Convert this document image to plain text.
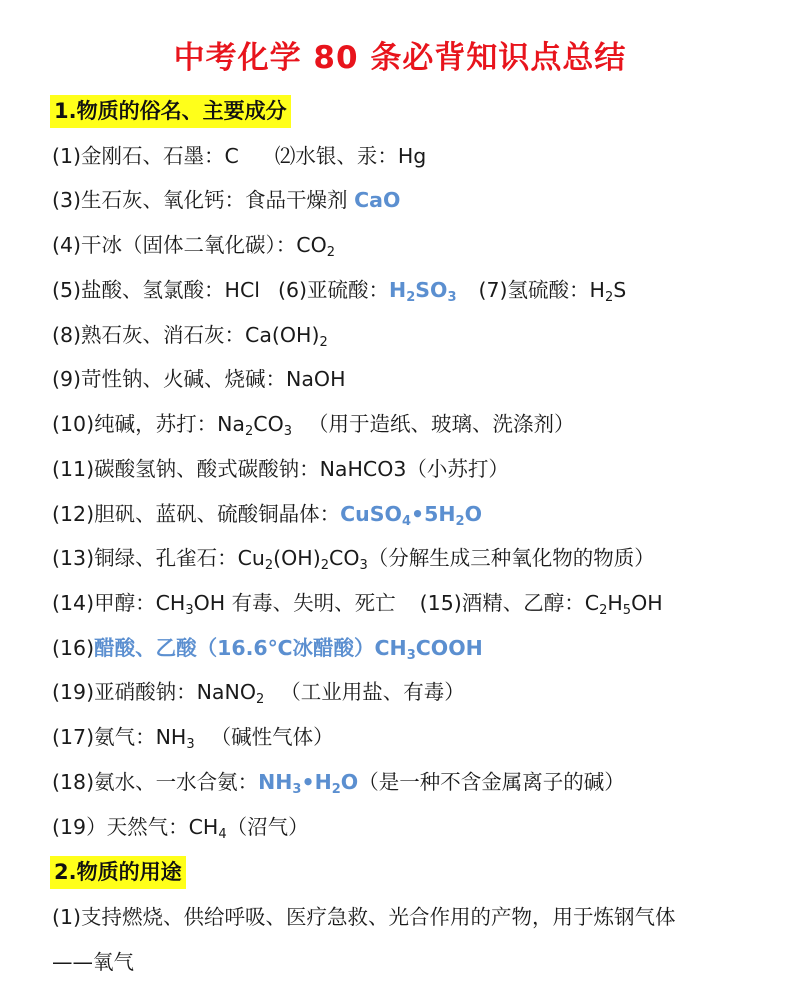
中考化学 80 条必背知识点总结
1.物质的俗名、主要成分
(1)金刚石、石墨：C ⑵水银、汞：Hg
(3)生石灰、氧化钙：食品干燥剂 CaO
(4)干冰（固体二氧化碳）：$CO_2$
(5)盐酸、氢氯酸：HCl (6)亚硫酸：$H_2SO_3$ (7)氢硫酸：$H_2S$
(8)熟石灰、消石灰：$Ca(OH)_2$
(9)苛性钠、火碱、烧碱：NaOH
(10)纯碱，苏打：$Na_2CO_3$ （用于造纸、玻璃、洗涤剂）
(11)碳酸氢钠、酸式碳酸钠：NaHCO3（小苏打）
(12)胆矾、蓝矾、硫酸铜晶体：$CuSO_4•5H_2O$
(13)铜绿、孔雀石：$Cu_2(OH)_2CO_3$（分解生成三种氧化物的物质）
(14)甲醇：$CH_3OH$ 有毒、失明、死亡 (15)酒精、乙醇：$C_2H_5OH$
(16)醋酸、乙酸（16.6℃冰醋酸）$CH_3COOH$
(19)亚硝酸钠：NaNO$_2$ （工业用盐、有毒）
(17)氨气：$NH_3$ （碱性气体）
(18)氨水、一水合氨：$NH_3•H_2O$（是一种不含金属离子的碱）
(19）天然气：$CH_4$（沼气）
2.物质的用途
(1)支持燃烧、供给呼吸、医疗急救、光合作用的产物，用于炼钢气体
——氧气
